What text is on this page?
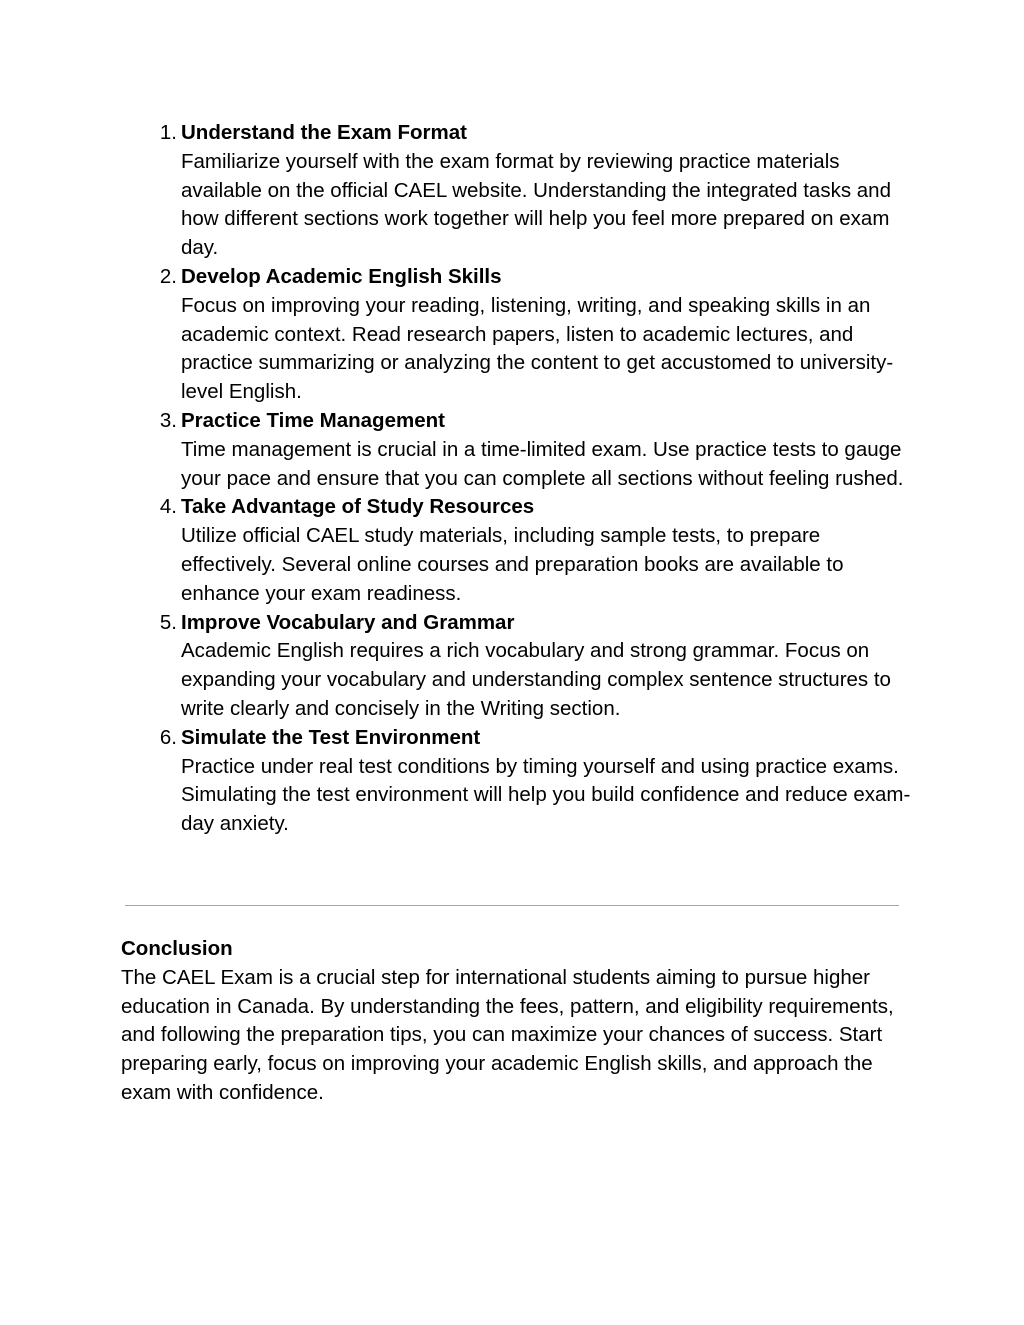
1. Understand the Exam Format
Familiarize yourself with the exam format by reviewing practice materials available on the official CAEL website. Understanding the integrated tasks and how different sections work together will help you feel more prepared on exam day.
2. Develop Academic English Skills
Focus on improving your reading, listening, writing, and speaking skills in an academic context. Read research papers, listen to academic lectures, and practice summarizing or analyzing the content to get accustomed to university-level English.
3. Practice Time Management
Time management is crucial in a time-limited exam. Use practice tests to gauge your pace and ensure that you can complete all sections without feeling rushed.
4. Take Advantage of Study Resources
Utilize official CAEL study materials, including sample tests, to prepare effectively. Several online courses and preparation books are available to enhance your exam readiness.
5. Improve Vocabulary and Grammar
Academic English requires a rich vocabulary and strong grammar. Focus on expanding your vocabulary and understanding complex sentence structures to write clearly and concisely in the Writing section.
6. Simulate the Test Environment
Practice under real test conditions by timing yourself and using practice exams. Simulating the test environment will help you build confidence and reduce exam-day anxiety.
Conclusion
The CAEL Exam is a crucial step for international students aiming to pursue higher education in Canada. By understanding the fees, pattern, and eligibility requirements, and following the preparation tips, you can maximize your chances of success. Start preparing early, focus on improving your academic English skills, and approach the exam with confidence.
